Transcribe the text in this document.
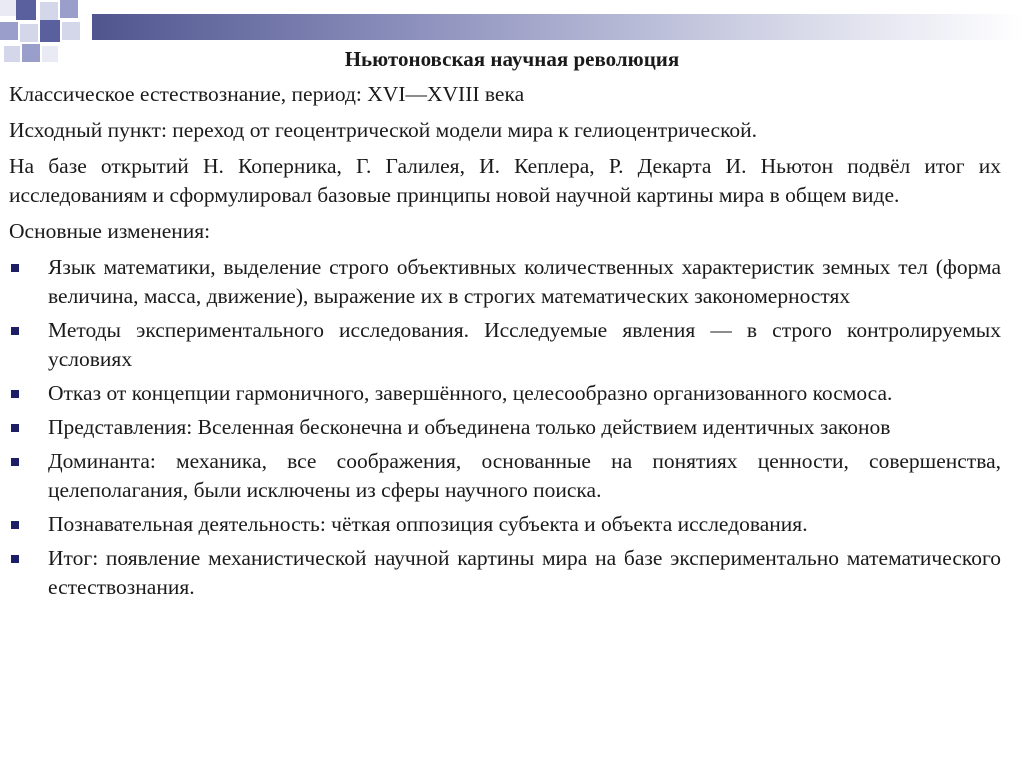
Ньютоновская научная революция

Классическое естествознание, период: XVI—XVIII века

Исходный пункт: переход от геоцентрической модели мира к гелиоцентрической.

На базе открытий Н. Коперника, Г. Галилея, И. Кеплера, Р. Декарта И. Ньютон подвёл итог их исследованиям и сформулировал базовые принципы новой научной картины мира в общем виде.

Основные изменения:

Язык математики, выделение строго объективных количественных характеристик земных тел (форма величина, масса, движение), выражение их в строгих математических закономерностях
Методы экспериментального исследования. Исследуемые явления — в строго контролируемых условиях
Отказ от концепции гармоничного, завершённого, целесообразно организованного космоса.
Представления: Вселенная бесконечна и объединена только действием идентичных законов
Доминанта: механика, все соображения, основанные на понятиях ценности, совершенства, целеполагания, были исключены из сферы научного поиска.
Познавательная деятельность: чёткая оппозиция субъекта и объекта исследования.
Итог: появление механистической научной картины мира на базе экспериментально математического естествознания.
